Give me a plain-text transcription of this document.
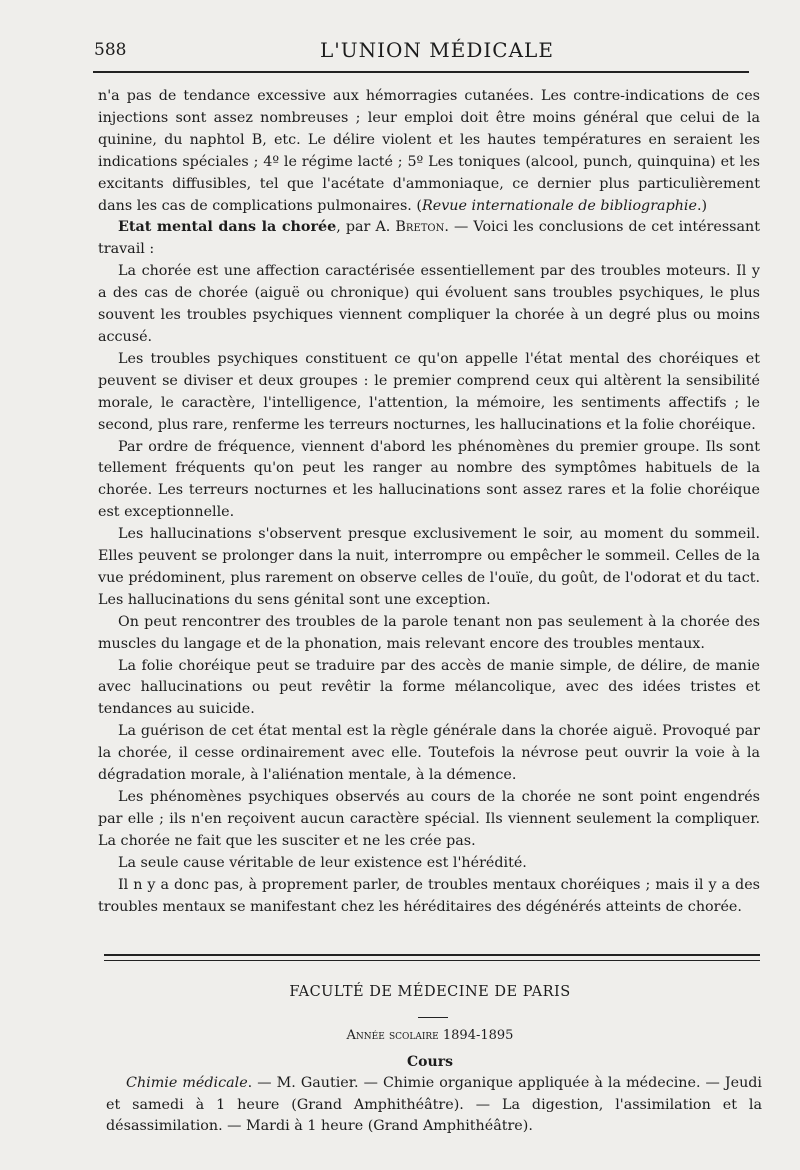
588	L'UNION MÉDICALE

n'a pas de tendance excessive aux hémorragies cutanées. Les contre-indications de ces injections sont assez nombreuses ; leur emploi doit être moins général que celui de la quinine, du naphtol B, etc. Le délire violent et les hautes températures en seraient les indications spéciales ; 4º le régime lacté ; 5º Les toniques (alcool, punch, quinquina) et les excitants diffusibles, tel que l'acétate d'ammoniaque, ce dernier plus particulièrement dans les cas de complications pulmonaires. (Revue internationale de bibliographie.)

Etat mental dans la chorée, par A. Breton. — Voici les conclusions de cet intéressant travail :

La chorée est une affection caractérisée essentiellement par des troubles moteurs. Il y a des cas de chorée (aiguë ou chronique) qui évoluent sans troubles psychiques, le plus souvent les troubles psychiques viennent compliquer la chorée à un degré plus ou moins accusé.

Les troubles psychiques constituent ce qu'on appelle l'état mental des choréiques et peuvent se diviser et deux groupes : le premier comprend ceux qui altèrent la sensibilité morale, le caractère, l'intelligence, l'attention, la mémoire, les sentiments affectifs ; le second, plus rare, renferme les terreurs nocturnes, les hallucinations et la folie choréique.

Par ordre de fréquence, viennent d'abord les phénomènes du premier groupe. Ils sont tellement fréquents qu'on peut les ranger au nombre des symptômes habituels de la chorée. Les terreurs nocturnes et les hallucinations sont assez rares et la folie choréique est exceptionnelle.

Les hallucinations s'observent presque exclusivement le soir, au moment du sommeil. Elles peuvent se prolonger dans la nuit, interrompre ou empêcher le sommeil. Celles de la vue prédominent, plus rarement on observe celles de l'ouïe, du goût, de l'odorat et du tact. Les hallucinations du sens génital sont une exception.

On peut rencontrer des troubles de la parole tenant non pas seulement à la chorée des muscles du langage et de la phonation, mais relevant encore des troubles mentaux.

La folie choréique peut se traduire par des accès de manie simple, de délire, de manie avec hallucinations ou peut revêtir la forme mélancolique, avec des idées tristes et tendances au suicide.

La guérison de cet état mental est la règle générale dans la chorée aiguë. Provoqué par la chorée, il cesse ordinairement avec elle. Toutefois la névrose peut ouvrir la voie à la dégradation morale, à l'aliénation mentale, à la démence.

Les phénomènes psychiques observés au cours de la chorée ne sont point engendrés par elle ; ils n'en reçoivent aucun caractère spécial. Ils viennent seulement la compliquer. La chorée ne fait que les susciter et ne les crée pas.

La seule cause véritable de leur existence est l'hérédité.

Il n y a donc pas, à proprement parler, de troubles mentaux choréiques ; mais il y a des troubles mentaux se manifestant chez les héréditaires des dégénérés atteints de chorée.

FACULTÉ DE MÉDECINE DE PARIS
Année scolaire 1894-1895
Cours

Chimie médicale. — M. Gautier. — Chimie organique appliquée à la médecine. — Jeudi et samedi à 1 heure (Grand Amphithéâtre). — La digestion, l'assimilation et la désassimilation. — Mardi à 1 heure (Grand Amphithéâtre).
